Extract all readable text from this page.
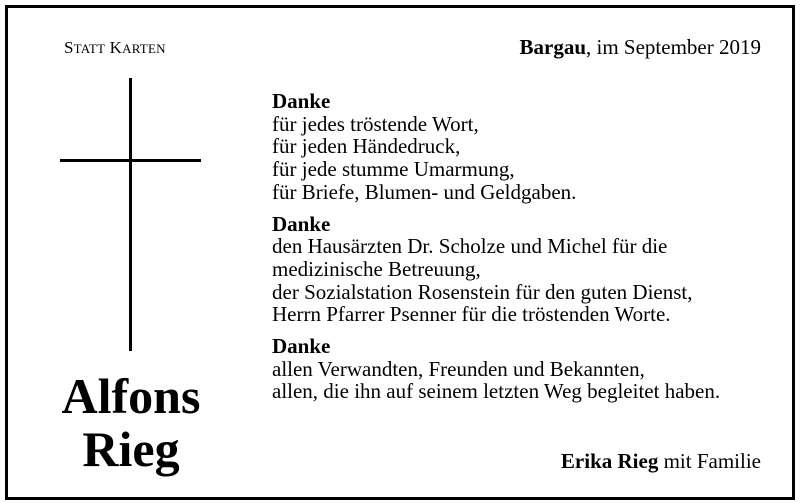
STATT KARTEN	Bargau, im September 2019
Alfons
Rieg
Danke
für jedes tröstende Wort,
für jeden Händedruck,
für jede stumme Umarmung,
für Briefe, Blumen- und Geldgaben.
Danke
den Hausärzten Dr. Scholze und Michel für die
medizinische Betreuung,
der Sozialstation Rosenstein für den guten Dienst,
Herrn Pfarrer Psenner für die tröstenden Worte.
Danke
allen Verwandten, Freunden und Bekannten,
allen, die ihn auf seinem letzten Weg begleitet haben.
Erika Rieg mit Familie
